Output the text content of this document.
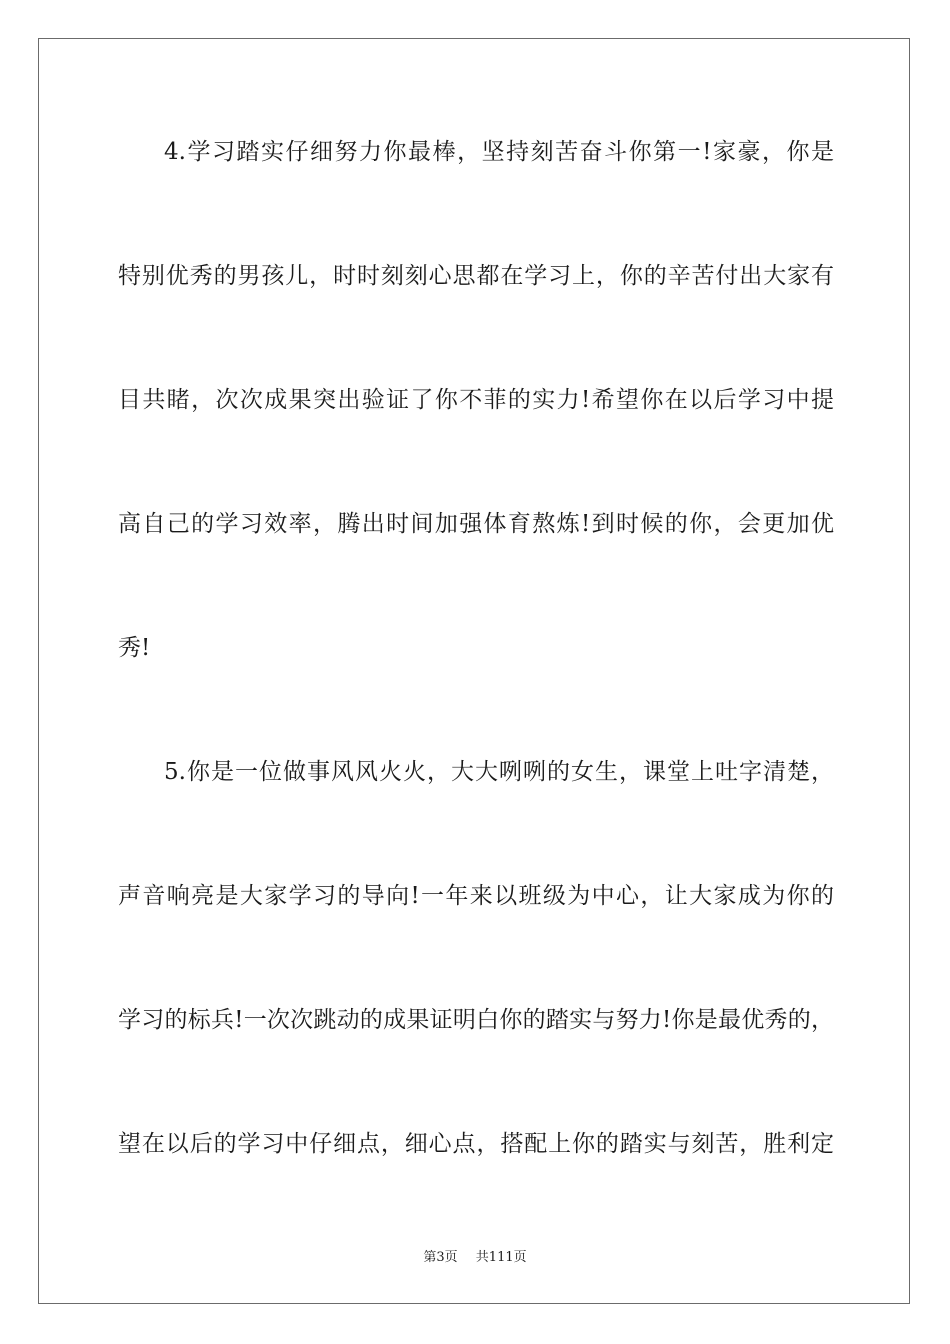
4.学习踏实仔细努力你最棒，坚持刻苦奋斗你第一!家豪，你是
特别优秀的男孩儿，时时刻刻心思都在学习上，你的辛苦付出大家有
目共睹，次次成果突出验证了你不菲的实力!希望你在以后学习中提
高自己的学习效率，腾出时间加强体育熬炼!到时候的你，会更加优
秀!
5.你是一位做事风风火火，大大咧咧的女生，课堂上吐字清楚，
声音响亮是大家学习的导向!一年来以班级为中心，让大家成为你的
学习的标兵!一次次跳动的成果证明白你的踏实与努力!你是最优秀的，
望在以后的学习中仔细点，细心点，搭配上你的踏实与刻苦，胜利定
第3页 共111页
